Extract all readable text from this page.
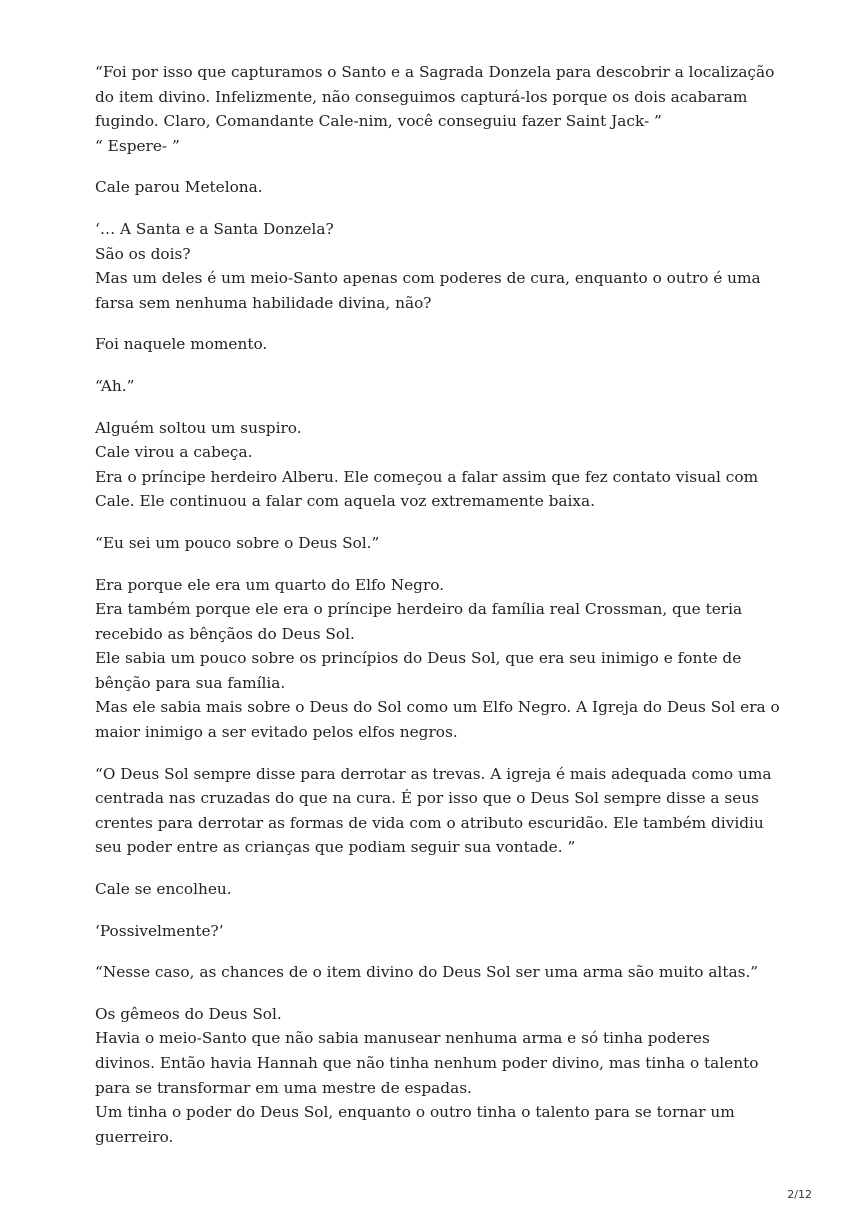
“Foi por isso que capturamos o Santo e a Sagrada Donzela para descobrir a localização
do item divino. Infelizmente, não conseguimos capturá-los porque os dois acabaram
fugindo. Claro, Comandante Cale-nim, você conseguiu fazer Saint Jack- ”
“ Espere- ”

Cale parou Metelona.

‘… A Santa e a Santa Donzela?
São os dois?
Mas um deles é um meio-Santo apenas com poderes de cura, enquanto o outro é uma
farsa sem nenhuma habilidade divina, não?

Foi naquele momento.

“Ah.”

Alguém soltou um suspiro.
Cale virou a cabeça.
Era o príncipe herdeiro Alberu. Ele começou a falar assim que fez contato visual com
Cale. Ele continuou a falar com aquela voz extremamente baixa.

“Eu sei um pouco sobre o Deus Sol.”

Era porque ele era um quarto do Elfo Negro.
Era também porque ele era o príncipe herdeiro da família real Crossman, que teria
recebido as bênçãos do Deus Sol.
Ele sabia um pouco sobre os princípios do Deus Sol, que era seu inimigo e fonte de
bênção para sua família.
Mas ele sabia mais sobre o Deus do Sol como um Elfo Negro. A Igreja do Deus Sol era o
maior inimigo a ser evitado pelos elfos negros.

“O Deus Sol sempre disse para derrotar as trevas. A igreja é mais adequada como uma
centrada nas cruzadas do que na cura. É por isso que o Deus Sol sempre disse a seus
crentes para derrotar as formas de vida com o atributo escuridão. Ele também dividiu
seu poder entre as crianças que podiam seguir sua vontade. ”

Cale se encolheu.

‘Possivelmente?’

“Nesse caso, as chances de o item divino do Deus Sol ser uma arma são muito altas.”

Os gêmeos do Deus Sol.
Havia o meio-Santo que não sabia manusear nenhuma arma e só tinha poderes
divinos. Então havia Hannah que não tinha nenhum poder divino, mas tinha o talento
para se transformar em uma mestre de espadas.
Um tinha o poder do Deus Sol, enquanto o outro tinha o talento para se tornar um
guerreiro.

2/12
